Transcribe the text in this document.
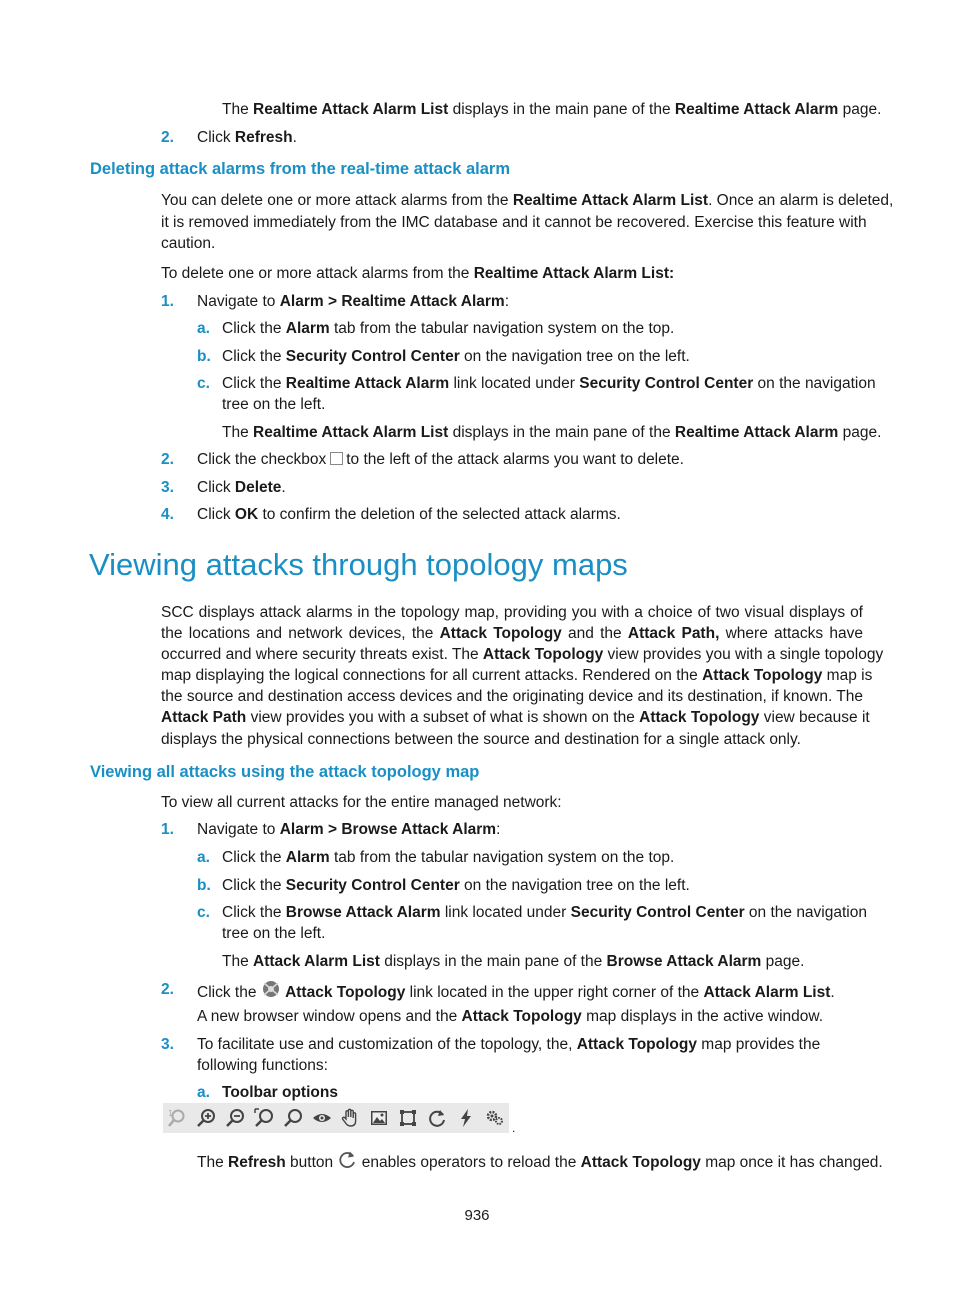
The Realtime Attack Alarm List displays in the main pane of the Realtime Attack Alarm page.
2. Click Refresh.
Deleting attack alarms from the real-time attack alarm
You can delete one or more attack alarms from the Realtime Attack Alarm List. Once an alarm is deleted,
it is removed immediately from the IMC database and it cannot be recovered. Exercise this feature with
caution.
To delete one or more attack alarms from the Realtime Attack Alarm List:
1. Navigate to Alarm > Realtime Attack Alarm:
a. Click the Alarm tab from the tabular navigation system on the top.
b. Click the Security Control Center on the navigation tree on the left.
c. Click the Realtime Attack Alarm link located under Security Control Center on the navigation
tree on the left.
The Realtime Attack Alarm List displays in the main pane of the Realtime Attack Alarm page.
2. Click the checkbox to the left of the attack alarms you want to delete.
3. Click Delete.
4. Click OK to confirm the deletion of the selected attack alarms.
Viewing attacks through topology maps
SCC displays attack alarms in the topology map, providing you with a choice of two visual displays of
the locations and network devices, the Attack Topology and the Attack Path, where attacks have
occurred and where security threats exist. The Attack Topology view provides you with a single topology
map displaying the logical connections for all current attacks. Rendered on the Attack Topology map is
the source and destination access devices and the originating device and its destination, if known. The
Attack Path view provides you with a subset of what is shown on the Attack Topology view because it
displays the physical connections between the source and destination for a single attack only.
Viewing all attacks using the attack topology map
To view all current attacks for the entire managed network:
1. Navigate to Alarm > Browse Attack Alarm:
a. Click the Alarm tab from the tabular navigation system on the top.
b. Click the Security Control Center on the navigation tree on the left.
c. Click the Browse Attack Alarm link located under Security Control Center on the navigation
tree on the left.
The Attack Alarm List displays in the main pane of the Browse Attack Alarm page.
2. Click the  Attack Topology link located in the upper right corner of the Attack Alarm List.
A new browser window opens and the Attack Topology map displays in the active window.
3. To facilitate use and customization of the topology, the, Attack Topology map provides the
following functions:
a. Toolbar options
1
.
The Refresh button  enables operators to reload the Attack Topology map once it has changed.
936
